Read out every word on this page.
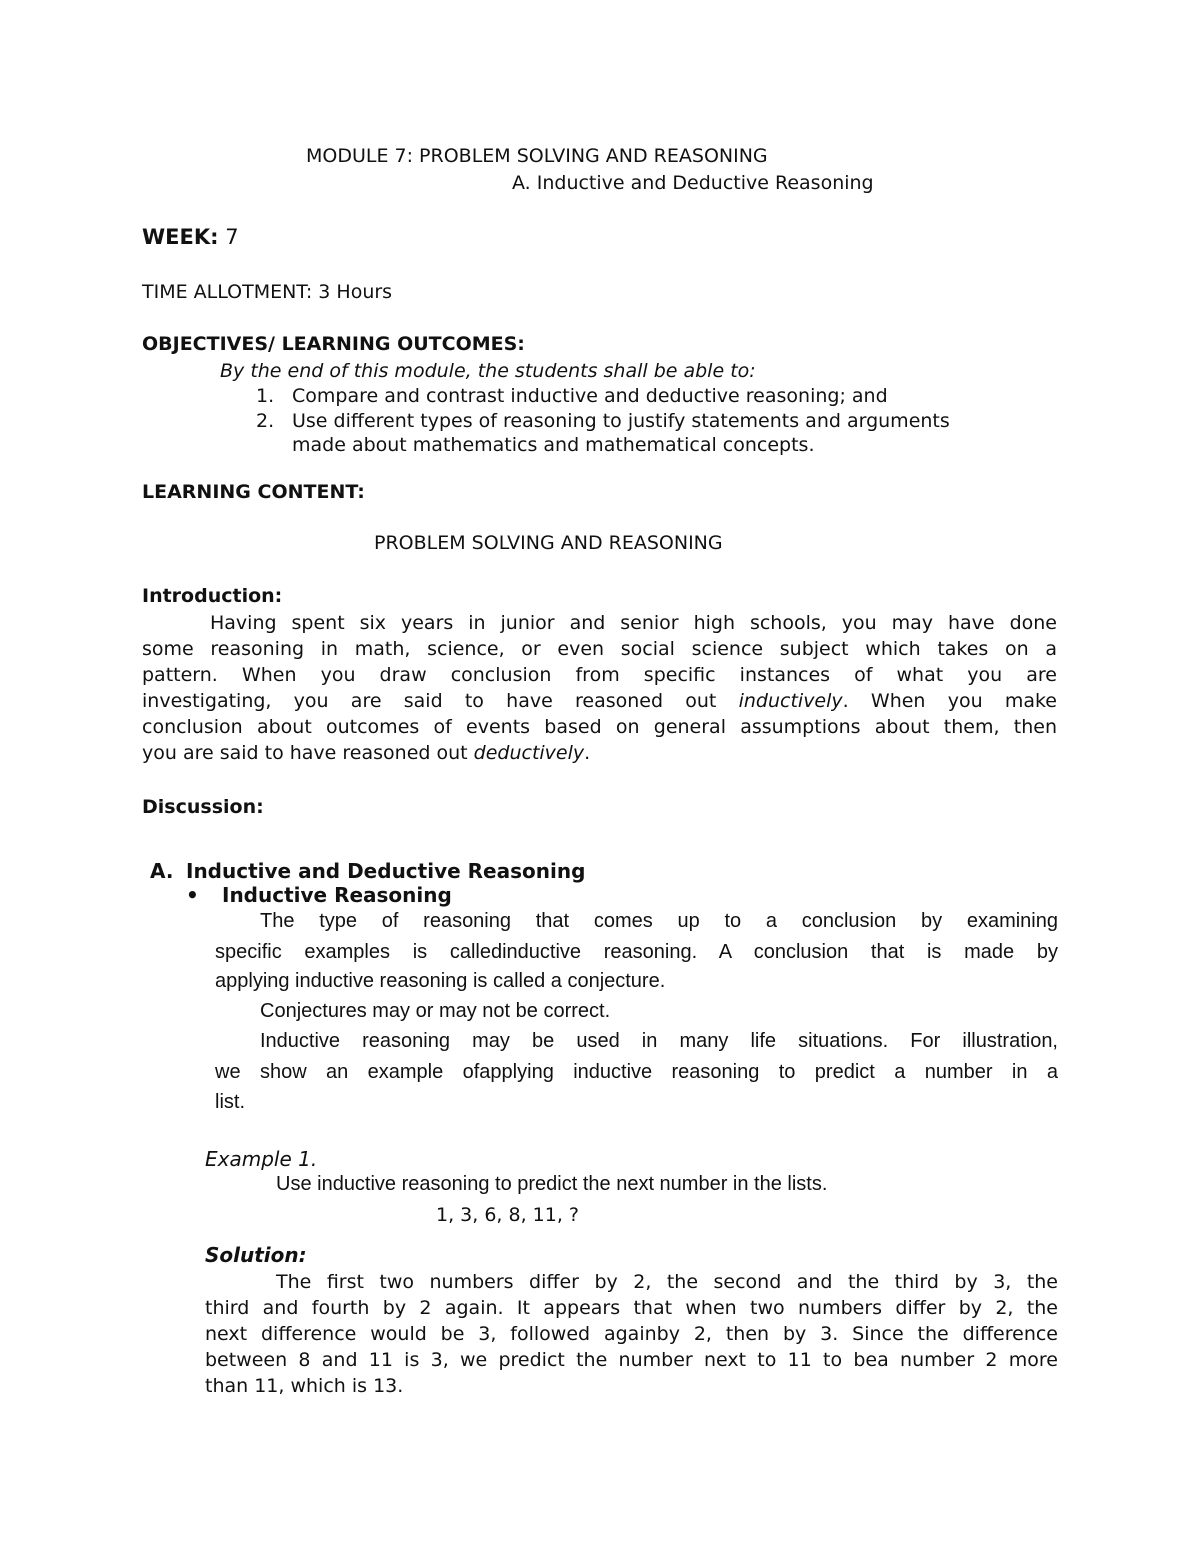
MODULE 7: PROBLEM SOLVING AND REASONING
A. Inductive and Deductive Reasoning
WEEK: 7
TIME ALLOTMENT: 3 Hours
OBJECTIVES/ LEARNING OUTCOMES:
By the end of this module, the students shall be able to:
1. Compare and contrast inductive and deductive reasoning; and
2. Use different types of reasoning to justify statements and arguments
made about mathematics and mathematical concepts.
LEARNING CONTENT:
PROBLEM SOLVING AND REASONING
Introduction:
Having spent six years in junior and senior high schools, you may have done
some reasoning in math, science, or even social science subject which takes on a
pattern. When you draw conclusion from specific instances of what you are
investigating, you are said to have reasoned out inductively. When you make
conclusion about outcomes of events based on general assumptions about them, then
you are said to have reasoned out deductively.
Discussion:
A. Inductive and Deductive Reasoning
• Inductive Reasoning
The type of reasoning that comes up to a conclusion by examining
specific examples is calledinductive reasoning. A conclusion that is made by
applying inductive reasoning is called a conjecture.
Conjectures may or may not be correct.
Inductive reasoning may be used in many life situations. For illustration,
we show an example ofapplying inductive reasoning to predict a number in a
list.
Example 1.
Use inductive reasoning to predict the next number in the lists.
1, 3, 6, 8, 11, ?
Solution:
The first two numbers differ by 2, the second and the third by 3, the
third and fourth by 2 again. It appears that when two numbers differ by 2, the
next difference would be 3, followed againby 2, then by 3. Since the difference
between 8 and 11 is 3, we predict the number next to 11 to bea number 2 more
than 11, which is 13.
